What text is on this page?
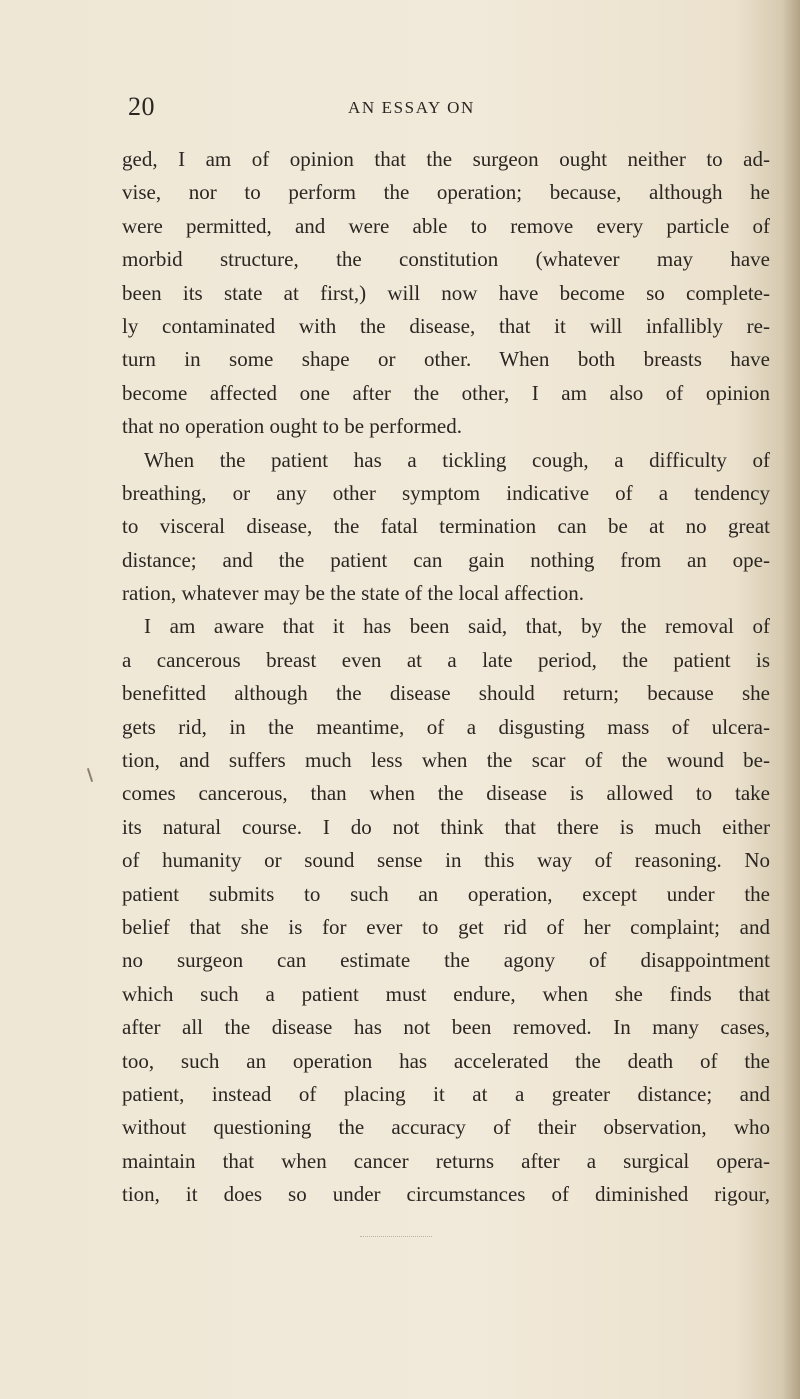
20	AN ESSAY ON
ged, I am of opinion that the surgeon ought neither to ad-
vise, nor to perform the operation; because, although he
were permitted, and were able to remove every particle of
morbid structure, the constitution (whatever may have
been its state at first,) will now have become so complete-
ly contaminated with the disease, that it will infallibly re-
turn in some shape or other. When both breasts have
become affected one after the other, I am also of opinion
that no operation ought to be performed.
When the patient has a tickling cough, a difficulty of
breathing, or any other symptom indicative of a tendency
to visceral disease, the fatal termination can be at no great
distance; and the patient can gain nothing from an ope-
ration, whatever may be the state of the local affection.
I am aware that it has been said, that, by the removal of
a cancerous breast even at a late period, the patient is
benefitted although the disease should return; because she
gets rid, in the meantime, of a disgusting mass of ulcera-
tion, and suffers much less when the scar of the wound be-
comes cancerous, than when the disease is allowed to take
its natural course. I do not think that there is much either
of humanity or sound sense in this way of reasoning. No
patient submits to such an operation, except under the
belief that she is for ever to get rid of her complaint; and
no surgeon can estimate the agony of disappointment
which such a patient must endure, when she finds that
after all the disease has not been removed. In many cases,
too, such an operation has accelerated the death of the
patient, instead of placing it at a greater distance; and
without questioning the accuracy of their observation, who
maintain that when cancer returns after a surgical opera-
tion, it does so under circumstances of diminished rigour,
